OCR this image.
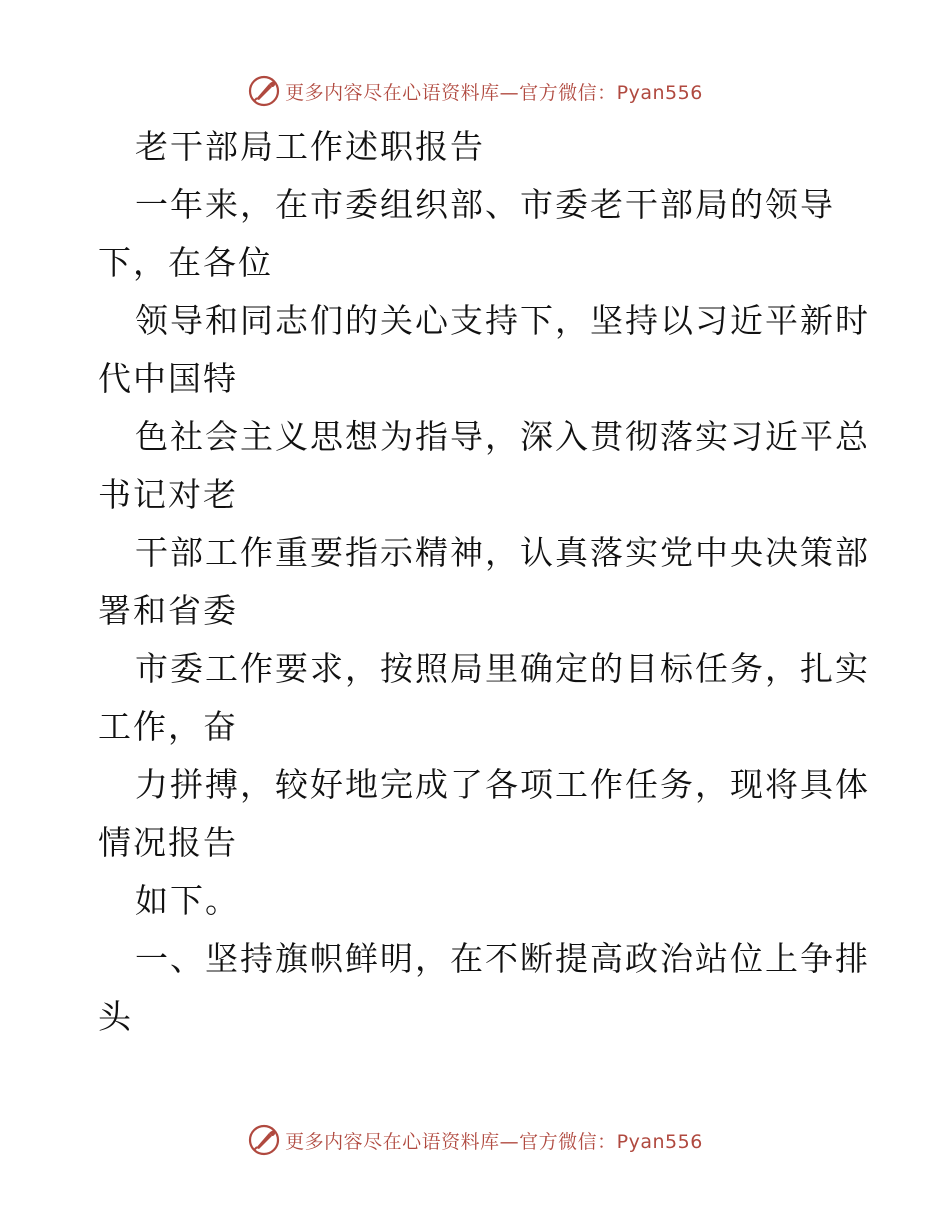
更多内容尽在心语资料库—官方微信：Pyan556
老干部局工作述职报告
一年来，在市委组织部、市委老干部局的领导
下，在各位
领导和同志们的关心支持下，坚持以习近平新时
代中国特
色社会主义思想为指导，深入贯彻落实习近平总
书记对老
干部工作重要指示精神，认真落实党中央决策部
署和省委
市委工作要求，按照局里确定的目标任务，扎实
工作，奋
力拼搏，较好地完成了各项工作任务，现将具体
情况报告
如下。
一、坚持旗帜鲜明，在不断提高政治站位上争排
头
更多内容尽在心语资料库—官方微信：Pyan556
